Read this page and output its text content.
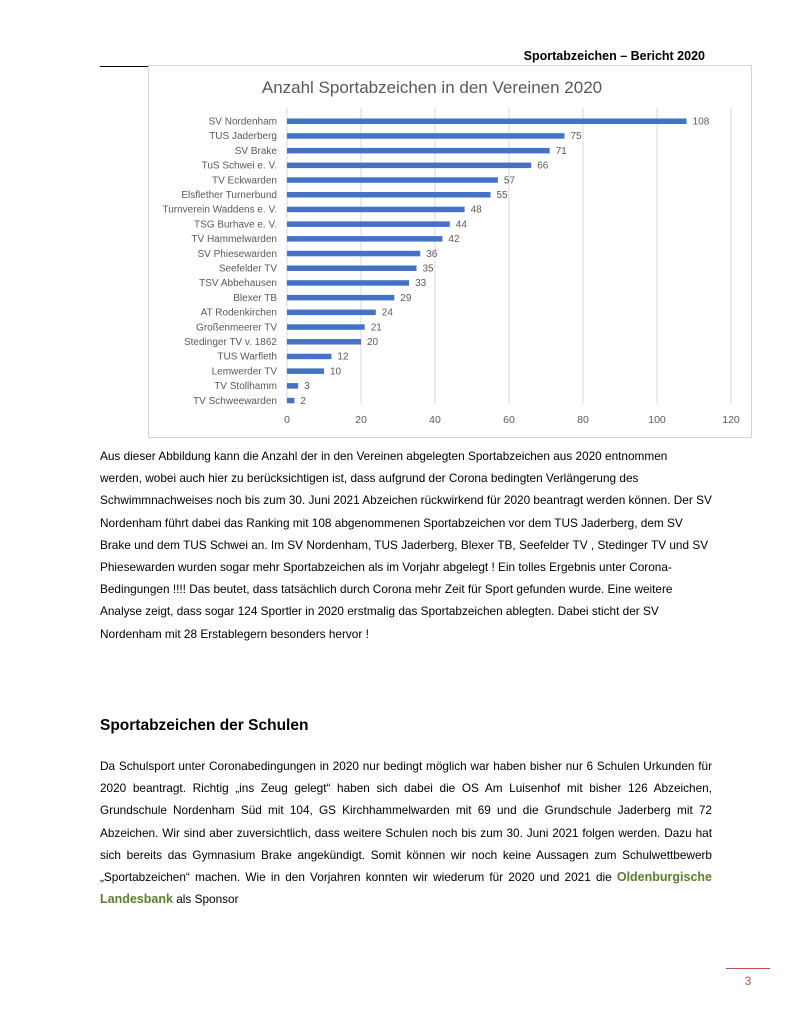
Sportabzeichen – Bericht 2020
Anzahl Sportabzeichen in den Vereinen 2020
SV Nordenham
TUS Jaderberg
SV Brake
TuS Schwei e. V.
TV Eckwarden
Elsflether Turnerbund
Turnverein Waddens e. V.
TSG Burhave e. V.
TV Hammelwarden
SV Phiesewarden
Seefelder TV
TSV Abbehausen
Blexer TB
AT Rodenkirchen
Großenmeerer TV
Stedinger TV v. 1862
TUS Warfleth
Lemwerder TV
TV Stollhamm
TV Schweewarden
108
75
71
66
57
55
48
44
42
36
35
33
29
24
21
20
12
10
3
2
0	20	40	60	80	100	120

Aus dieser Abbildung kann die Anzahl der in den Vereinen abgelegten Sportabzeichen aus 2020 entnommen werden, wobei auch hier zu berücksichtigen ist, dass aufgrund der Corona bedingten Verlängerung des Schwimmnachweises noch bis zum 30. Juni 2021 Abzeichen rückwirkend für 2020 beantragt werden können. Der SV Nordenham führt dabei das Ranking mit 108 abgenommenen Sportabzeichen vor dem TUS Jaderberg, dem SV Brake und dem TUS Schwei an. Im SV Nordenham, TUS Jaderberg, Blexer TB, Seefelder TV , Stedinger TV und SV Phiesewarden wurden sogar mehr Sportabzeichen als im Vorjahr abgelegt ! Ein tolles Ergebnis unter Corona-Bedingungen !!!! Das beutet, dass tatsächlich durch Corona mehr Zeit für Sport gefunden wurde. Eine weitere Analyse zeigt, dass sogar 124 Sportler in 2020 erstmalig das Sportabzeichen ablegten. Dabei sticht der SV Nordenham mit 28 Erstablegern besonders hervor !

Sportabzeichen der Schulen

Da Schulsport unter Coronabedingungen in 2020 nur bedingt möglich war haben bisher nur 6 Schulen Urkunden für 2020 beantragt. Richtig „ins Zeug gelegt“ haben sich dabei die OS Am Luisenhof mit bisher 126 Abzeichen, Grundschule Nordenham Süd mit 104, GS Kirchhammelwarden mit 69 und die Grundschule Jaderberg mit 72 Abzeichen. Wir sind aber zuversichtlich, dass weitere Schulen noch bis zum 30. Juni 2021 folgen werden. Dazu hat sich bereits das Gymnasium Brake angekündigt. Somit können wir noch keine Aussagen zum Schulwettbewerb „Sportabzeichen“ machen. Wie in den Vorjahren konnten wir wiederum für 2020 und 2021 die Oldenburgische Landesbank als Sponsor

3
